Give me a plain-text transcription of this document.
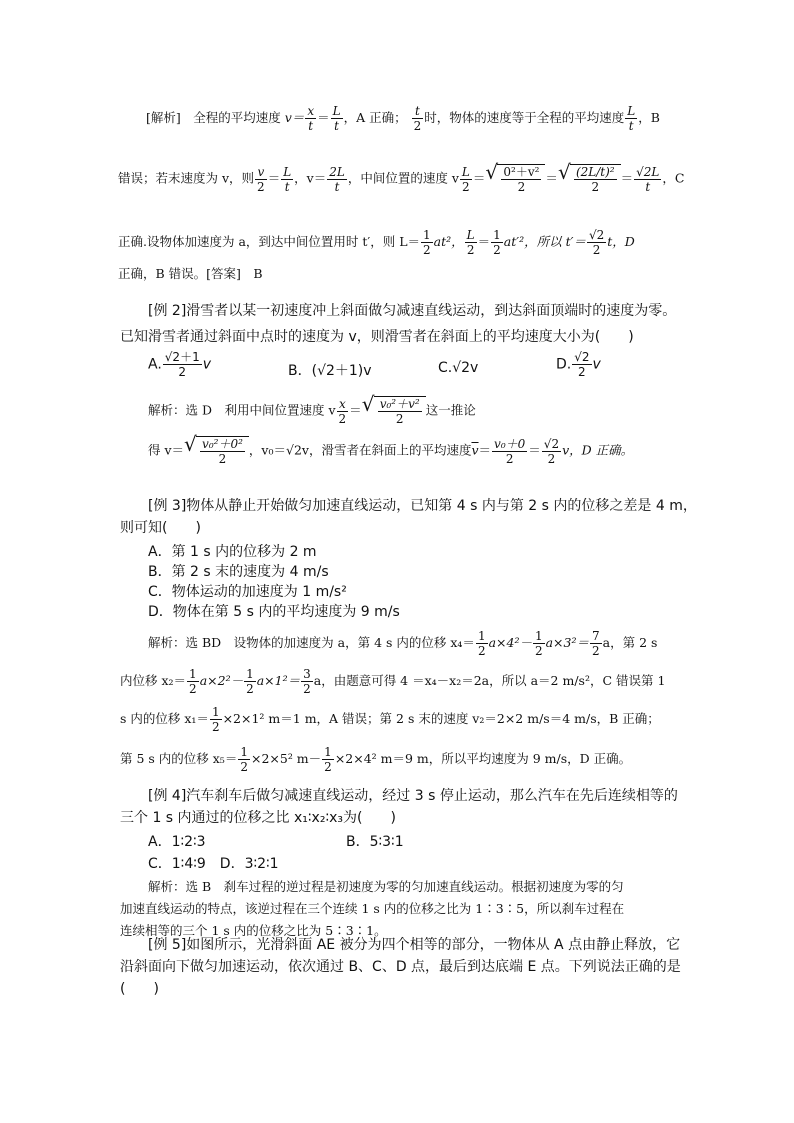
[解析]　全程的平均速度 $v= \frac{x}{t} = \frac{L}{t}$ ，A 正确； $\frac{t}{2}$ 时，物体的速度等于全程的平均速度 $\frac{L}{t}$ ，B
错误；若末速度为 v，则 $\frac{v}{2} = \frac{L}{t}$ ，$v= \frac{2L}{t}$ ，中间位置的速度 v $\frac{L}{2}$ ＝ √ $\frac{\text{0²＋v²}}{2}$ ＝ √ $\frac{\text{(2L/t)²}}{2} = \frac{√2L}{t}$ ，C
正确.设物体加速度为 a，到达中间位置用时 t′，则 $L= \frac{1}{2} at^2$， $\frac{L}{2} = \frac{1}{2} at'^2$，所以 $t'= \frac{√2}{2}$ t，D
正确，B 错误。[答案]　B
[例 2]滑雪者以某一初速度冲上斜面做匀减速直线运动，到达斜面顶端时的速度为零。
已知滑雪者通过斜面中点时的速度为 v，则滑雪者在斜面上的平均速度大小为(　　)
A. $\frac{√2+1}{2}$ v	B．(√2＋1)v	C.√2v	D. $\frac{√2}{2}$ v
解析：选 D　利用中间位置速度 v $\frac{x}{2}$ ＝ √ $\frac{\text{v₀²＋v²}}{2}$ 这一推论
得 v＝ √ $\frac{\text{v₀²＋0²}}{2}$ ，v₀＝√2v，滑雪者在斜面上的平均速度$\overline{v}= \frac{\text{v₀＋0}}{2} = \frac{√2}{2}$ v，D 正确。
[例 3]物体从静止开始做匀加速直线运动，已知第 4 s 内与第 2 s 内的位移之差是 4 m，
则可知(　　)
A．第 1 s 内的位移为 2 m
B．第 2 s 末的速度为 4 m/s
C．物体运动的加速度为 1 m/s²
D．物体在第 5 s 内的平均速度为 9 m/s
解析：选 BD　设物体的加速度为 a，第 4 s 内的位移 $x_4= \frac{1}{2} a\times 4^2- \frac{1}{2} a\times 3^2= \frac{7}{2}$ a，第 2 s
内位移 $x_2= \frac{1}{2} a\times 2^2- \frac{1}{2} a\times 1^2= \frac{3}{2}$ a，由题意可得 4 ＝x₄－x₂＝2a，所以 a＝2 m/s²，C 错误第 1
s 内的位移 $x_1= \frac{1}{2} \times 2\times 1^2$ m＝1 m，A 错误；第 2 s 末的速度 v₂＝2×2 m/s＝4 m/s，B 正确；
第 5 s 内的位移 $x_5= \frac{1}{2} \times 2\times 5^2$ $m- \frac{1}{2} \times 2\times 4^2$ m＝9 m，所以平均速度为 9 m/s，D 正确。
[例 4]汽车刹车后做匀减速直线运动，经过 3 s 停止运动，那么汽车在先后连续相等的
三个 1 s 内通过的位移之比 x₁∶x₂∶x₃为(　　)
A．1∶2∶3	B．5∶3∶1
C．1∶4∶9　D．3∶2∶1
解析：选 B　刹车过程的逆过程是初速度为零的匀加速直线运动。根据初速度为零的匀
加速直线运动的特点，该逆过程在三个连续 1 s 内的位移之比为 1∶3∶5，所以刹车过程在
连续相等的三个 1 s 内的位移之比为 5∶3∶1。
[例 5]如图所示，光滑斜面 AE 被分为四个相等的部分，一物体从 A 点由静止释放，它
沿斜面向下做匀加速运动，依次通过 B、C、D 点，最后到达底端 E 点。下列说法正确的是
(　　)
